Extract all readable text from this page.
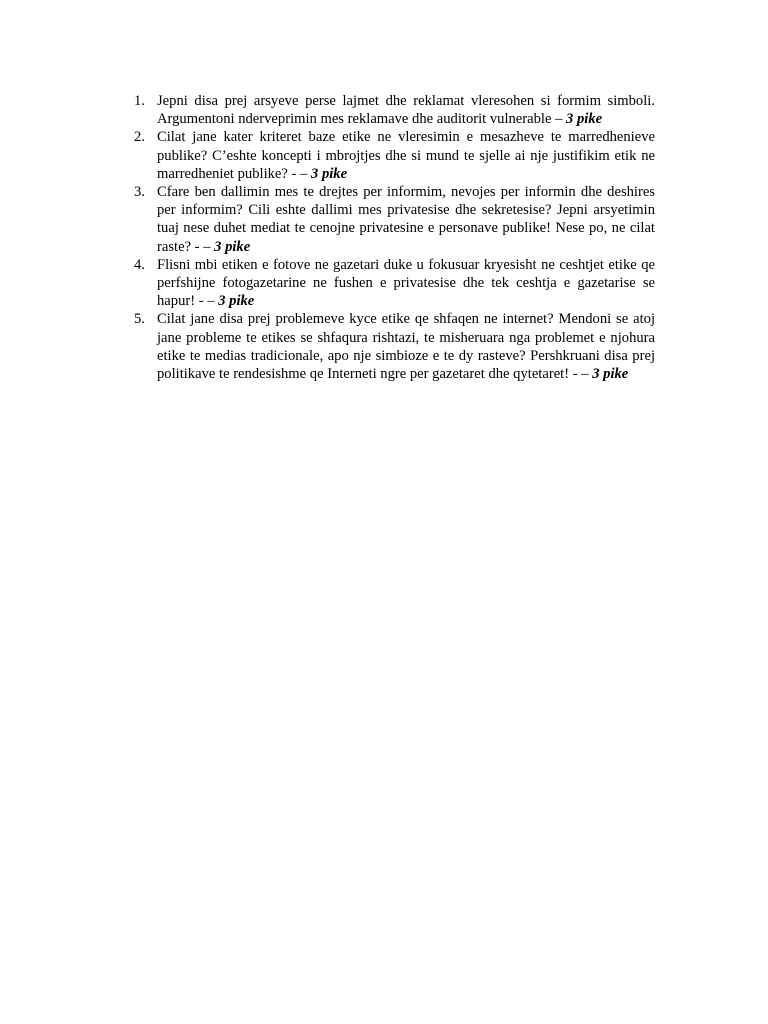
1. Jepni disa prej arsyeve perse lajmet dhe reklamat vleresohen si formim simboli. Argumentoni nderveprimin mes reklamave dhe auditorit vulnerable – 3 pike
2. Cilat jane kater kriteret baze etike ne vleresimin e mesazheve te marredhenieve publike? C’eshte koncepti i mbrojtjes dhe si mund te sjelle ai nje justifikim etik ne marredheniet publike? - – 3 pike
3. Cfare ben dallimin mes te drejtes per informim, nevojes per informin dhe deshires per informim? Cili eshte dallimi mes privatesise dhe sekretesise? Jepni arsyetimin tuaj nese duhet mediat te cenojne privatesine e personave publike! Nese po, ne cilat raste? - – 3 pike
4. Flisni mbi etiken e fotove ne gazetari duke u fokusuar kryesisht ne ceshtjet etike qe perfshijne fotogazetarine ne fushen e privatesise dhe tek ceshtja e gazetarise se hapur! - – 3 pike
5. Cilat jane disa prej problemeve kyce etike qe shfaqen ne internet? Mendoni se atoj jane probleme te etikes se shfaqura rishtazi, te misheruara nga problemet e njohura etike te medias tradicionale, apo nje simbioze e te dy rasteve? Pershkruani disa prej politikave te rendesishme qe Interneti ngre per gazetaret dhe qytetaret! - – 3 pike
